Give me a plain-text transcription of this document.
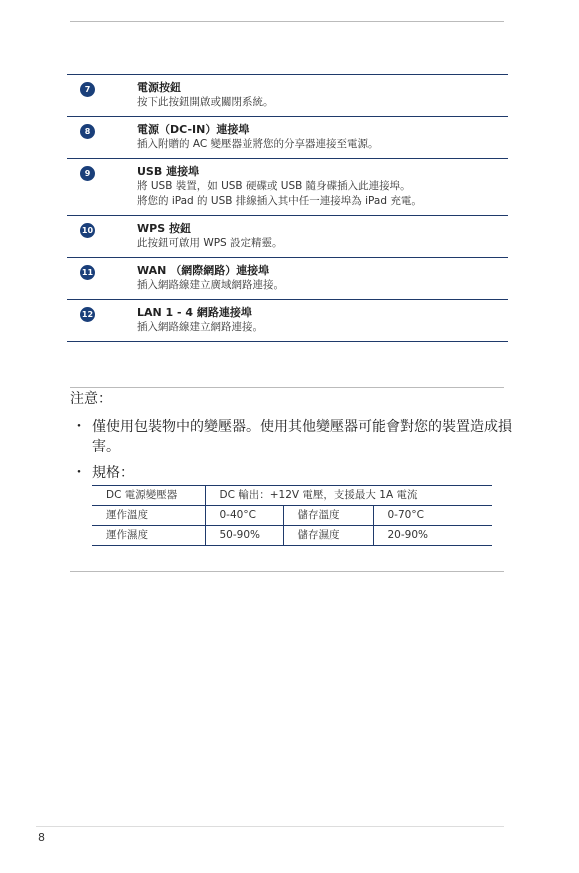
7	電源按鈕
按下此按鈕開啟或關閉系統。
8	電源（DC-IN）連接埠
插入附贈的 AC 變壓器並將您的分享器連接至電源。
9	USB 連接埠
將 USB 裝置，如 USB 硬碟或 USB 隨身碟插入此連接埠。
將您的 iPad 的 USB 排線插入其中任一連接埠為 iPad 充電。
10	WPS 按鈕
此按鈕可啟用 WPS 設定精靈。
11	WAN （網際網路）連接埠
插入網路線建立廣域網路連接。
12	LAN 1 - 4 網路連接埠
插入網路線建立網路連接。
注意：
・ 僅使用包裝物中的變壓器。使用其他變壓器可能會對您的裝置造成損害。
・ 規格：
DC 電源變壓器	DC 輸出：+12V 電壓，支援最大 1A 電流		
運作溫度	0-40°C	儲存溫度	0-70°C
運作濕度	50-90%	儲存濕度	20-90%
8
